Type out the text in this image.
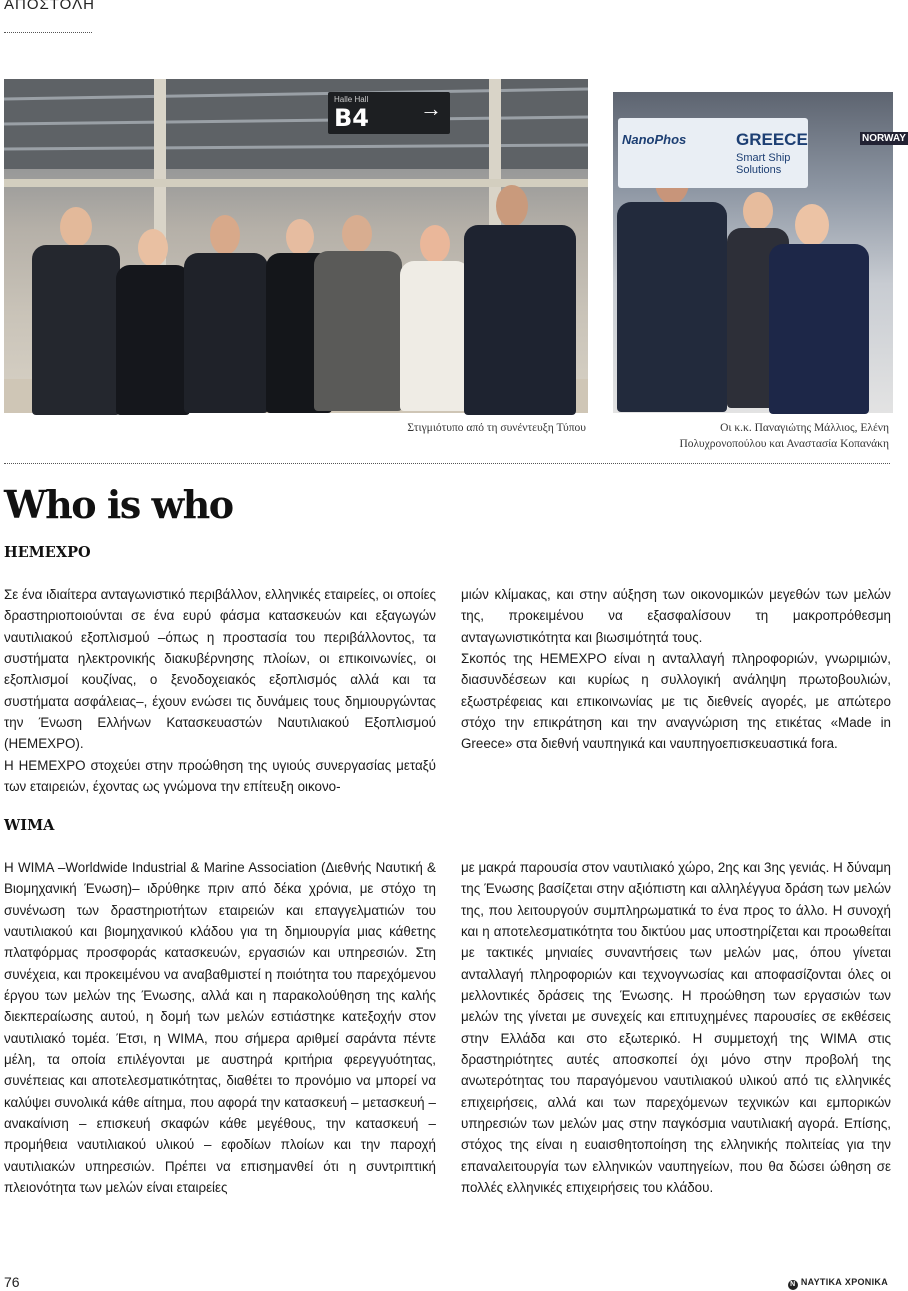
ΑΠΟΣΤΟΛΗ
Halle Hall
B4 →
NanoPhos	GREECE
Smart Ship Solutions
NORWAY
Στιγμιότυπο από τη συνέντευξη Τύπου	Οι κ.κ. Παναγιώτης Μάλλιος, Ελένη
Πολυχρονοπούλου και Αναστασία Κοπανάκη
Who is who
HEMEXPO

Σε ένα ιδιαίτερα ανταγωνιστικό περιβάλλον, ελληνικές εταιρείες, οι οποίες δραστηριοποιούνται σε ένα ευρύ φάσμα κατασκευών και εξαγωγών ναυτιλιακού εξοπλισμού –όπως η προστασία του περιβάλλοντος, τα συστήματα ηλεκτρονικής διακυβέρνησης πλοίων, οι επικοινωνίες, οι εξοπλισμοί κουζίνας, ο ξενοδοχειακός εξοπλισμός αλλά και τα συστήματα ασφάλειας–, έχουν ενώσει τις δυνάμεις τους δημιουργώντας την Ένωση Ελλήνων Κατασκευαστών Ναυτιλιακού Εξοπλισμού (HEMEXPO).

Η HEMEXPO στοχεύει στην προώθηση της υγιούς συνεργασίας μεταξύ των εταιρειών, έχοντας ως γνώμονα την επίτευξη οικονο-

μιών κλίμακας, και στην αύξηση των οικονομικών μεγεθών των μελών της, προκειμένου να εξασφαλίσουν τη μακροπρόθεσμη ανταγωνιστικότητα και βιωσιμότητά τους.

Σκοπός της HEMEXPO είναι η ανταλλαγή πληροφοριών, γνωριμιών, διασυνδέσεων και κυρίως η συλλογική ανάληψη πρωτοβουλιών, εξωστρέφειας και επικοινωνίας με τις διεθνείς αγορές, με απώτερο στόχο την επικράτηση και την αναγνώριση της ετικέτας «Made in Greece» στα διεθνή ναυπηγικά και ναυπηγοεπισκευαστικά fora.

WIMA

Η WIMA –Worldwide Industrial & Marine Association (Διεθνής Ναυτική & Βιομηχανική Ένωση)– ιδρύθηκε πριν από δέκα χρόνια, με στόχο τη συνένωση των δραστηριοτήτων εταιρειών και επαγγελματιών του ναυτιλιακού και βιομηχανικού κλάδου για τη δημιουργία μιας κάθετης πλατφόρμας προσφοράς κατασκευών, εργασιών και υπηρεσιών. Στη συνέχεια, και προκειμένου να αναβαθμιστεί η ποιότητα του παρεχόμενου έργου των μελών της Ένωσης, αλλά και η παρακολούθηση της καλής διεκπεραίωσης αυτού, η δομή των μελών εστιάστηκε κατεξοχήν στον ναυτιλιακό τομέα. Έτσι, η WIMA, που σήμερα αριθμεί σαράντα πέντε μέλη, τα οποία επιλέγονται με αυστηρά κριτήρια φερεγγυότητας, συνέπειας και αποτελεσματικότητας, διαθέτει το προνόμιο να μπορεί να καλύψει συνολικά κάθε αίτημα, που αφορά την κατασκευή – μετασκευή – ανακαίνιση – επισκευή σκαφών κάθε μεγέθους, την κατασκευή – προμήθεια ναυτιλιακού υλικού – εφοδίων πλοίων και την παροχή ναυτιλιακών υπηρεσιών. Πρέπει να επισημανθεί ότι η συντριπτική πλειονότητα των μελών είναι εταιρείες

με μακρά παρουσία στον ναυτιλιακό χώρο, 2ης και 3ης γενιάς. Η δύναμη της Ένωσης βασίζεται στην αξιόπιστη και αλληλέγγυα δράση των μελών της, που λειτουργούν συμπληρωματικά το ένα προς το άλλο. Η συνοχή και η αποτελεσματικότητα του δικτύου μας υποστηρίζεται και προωθείται με τακτικές μηνιαίες συναντήσεις των μελών μας, όπου γίνεται ανταλλαγή πληροφοριών και τεχνογνωσίας και αποφασίζονται όλες οι μελλοντικές δράσεις της Ένωσης. Η προώθηση των εργασιών των μελών της γίνεται με συνεχείς και επιτυχημένες παρουσίες σε εκθέσεις στην Ελλάδα και στο εξωτερικό. Η συμμετοχή της WIMA στις δραστηριότητες αυτές αποσκοπεί όχι μόνο στην προβολή της ανωτερότητας του παραγόμενου ναυτιλιακού υλικού από τις ελληνικές επιχειρήσεις, αλλά και των παρεχόμενων τεχνικών και εμπορικών υπηρεσιών των μελών μας στην παγκόσμια ναυτιλιακή αγορά. Επίσης, στόχος της είναι η ευαισθητοποίηση της ελληνικής πολιτείας για την επαναλειτουργία των ελληνικών ναυπηγείων, που θα δώσει ώθηση σε πολλές ελληνικές επιχειρήσεις του κλάδου.

76	Ν ΝΑΥΤΙΚΑ ΧΡΟΝΙΚΑ
